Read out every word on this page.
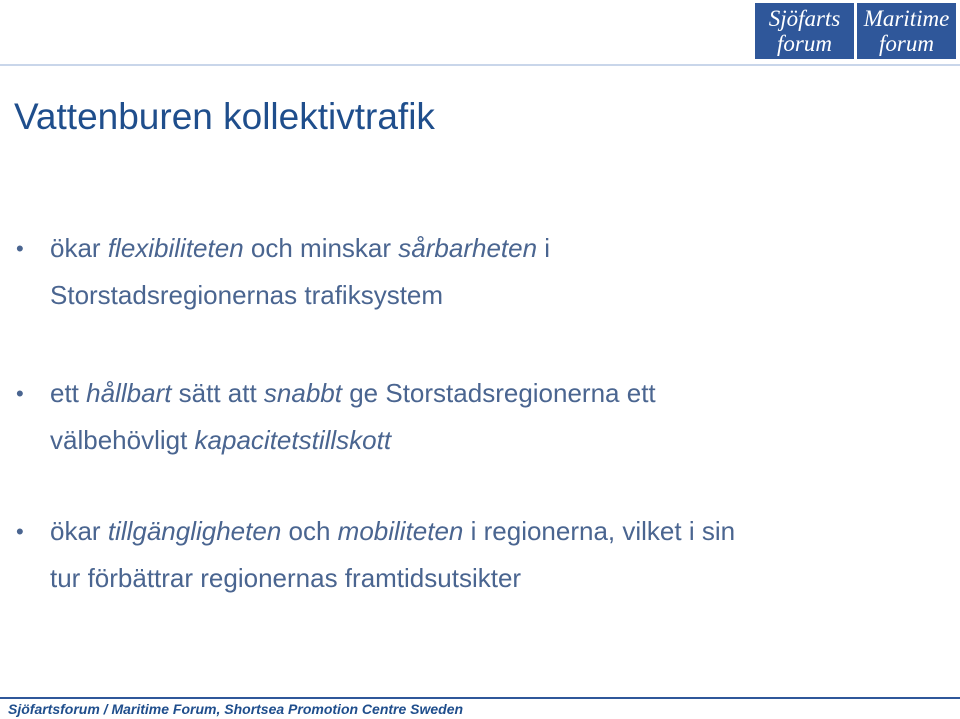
Sjöfarts
forum
Maritime
forum
Vattenburen kollektivtrafik
• ökar flexibiliteten och minskar sårbarheten i
Storstadsregionernas trafiksystem
• ett hållbart sätt att snabbt ge Storstadsregionerna ett
välbehövligt kapacitetstillskott
• ökar tillgängligheten och mobiliteten i regionerna, vilket i sin
tur förbättrar regionernas framtidsutsikter
Sjöfartsforum / Maritime Forum, Shortsea Promotion Centre Sweden
